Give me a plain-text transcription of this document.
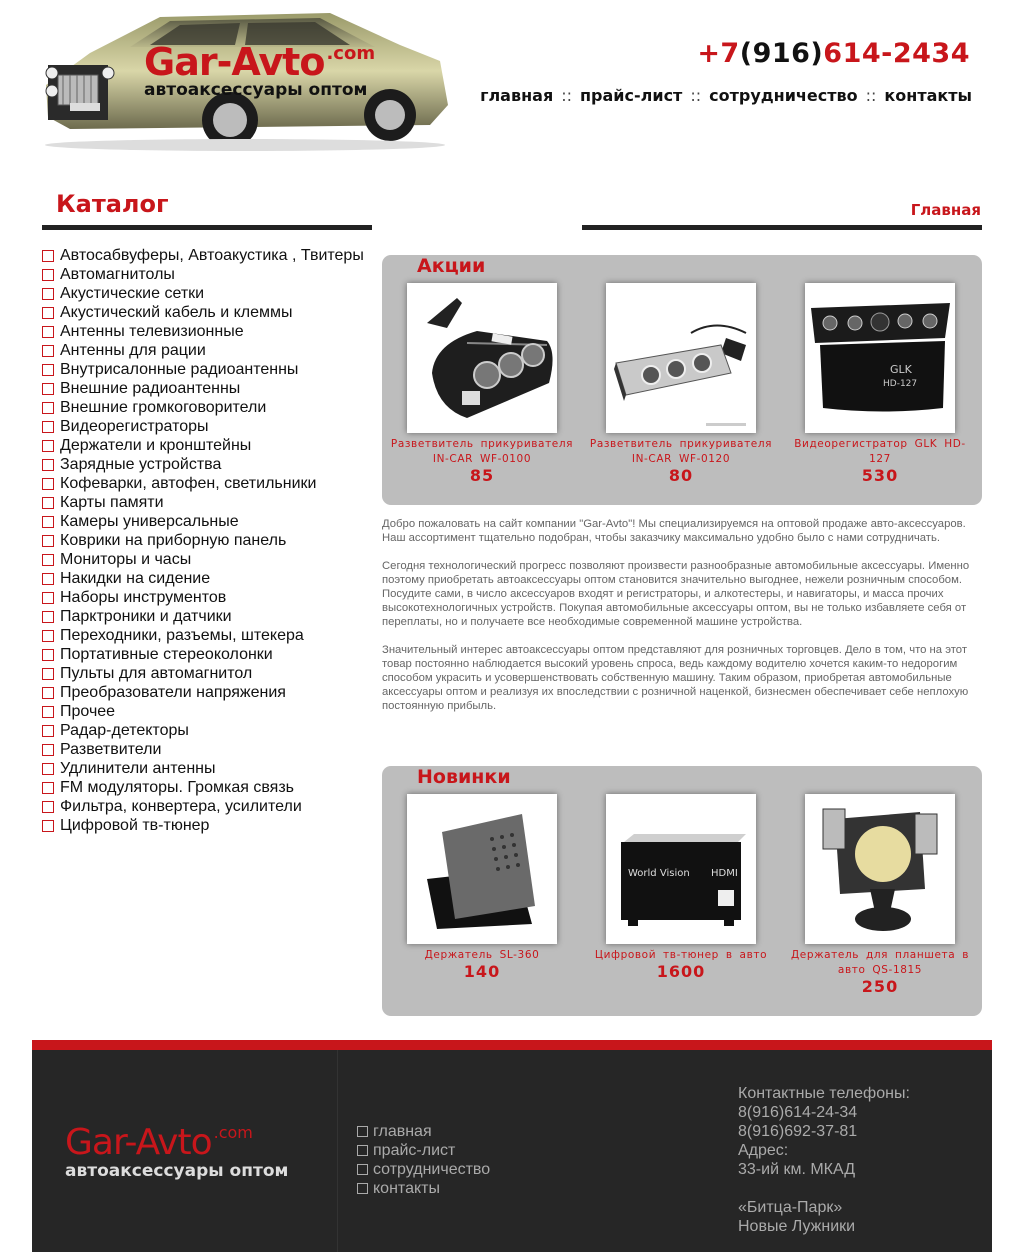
Gar-Avto .com
автоаксессуары оптом
+7(916)614-2434
главная :: прайс-лист :: сотрудничество :: контакты
Каталог	Главная
Автосабвуферы, Автоакустика , Твитеры
Автомагнитолы
Акустические сетки
Акустический кабель и клеммы
Антенны телевизионные
Антенны для рации
Внутрисалонные радиоантенны
Внешние радиоантенны
Внешние громкоговорители
Видеорегистраторы
Держатели и кронштейны
Зарядные устройства
Кофеварки, автофен, светильники
Карты памяти
Камеры универсальные
Коврики на приборную панель
Мониторы и часы
Накидки на сидение
Наборы инструментов
Парктроники и датчики
Переходники, разъемы, штекера
Портативные стереоколонки
Пульты для автомагнитол
Преобразователи напряжения
Прочее
Радар-детекторы
Разветвители
Удлинители антенны
FM модуляторы. Громкая связь
Фильтра, конвертера, усилители
Цифровой тв-тюнер
Акции
Разветвитель прикуривателя IN-CAR WF-0100
85
Разветвитель прикуривателя IN-CAR WF-0120
80
GLK
HD-127
Видеорегистратор GLK HD-127
530

Добро пожаловать на сайт компании "Gar-Avto"! Мы специализируемся на оптовой продаже авто-аксессуаров. Наш ассортимент тщательно подобран, чтобы заказчику максимально удобно было с нами сотрудничать.

Сегодня технологический прогресс позволяют произвести разнообразные автомобильные аксессуары. Именно поэтому приобретать автоаксессуары оптом становится значительно выгоднее, нежели розничным способом. Посудите сами, в число аксессуаров входят и регистраторы, и алкотестеры, и навигаторы, и масса прочих высокотехнологичных устройств. Покупая автомобильные аксессуары оптом, вы не только избавляете себя от переплаты, но и получаете все необходимые современной машине устройства.

Значительный интерес автоаксессуары оптом представляют для розничных торговцев. Дело в том, что на этот товар постоянно наблюдается высокий уровень спроса, ведь каждому водителю хочется каким-то недорогим способом украсить и усовершенствовать собственную машину. Таким образом, приобретая автомобильные аксессуары оптом и реализуя их впоследствии с розничной наценкой, бизнесмен обеспечивает себе неплохую постоянную прибыль.

Новинки
Держатель SL-360
140
World Vision HDMI
Цифровой тв-тюнер в авто
1600
Держатель для планшета в авто QS-1815
250
Gar-Avto .com
автоаксессуары оптом
главная
прайс-лист
сотрудничество
контакты
Контактные телефоны:
8(916)614-24-34
8(916)692-37-81
Адрес:
33-ий км. МКАД
«Битца-Парк»
Новые Лужники
